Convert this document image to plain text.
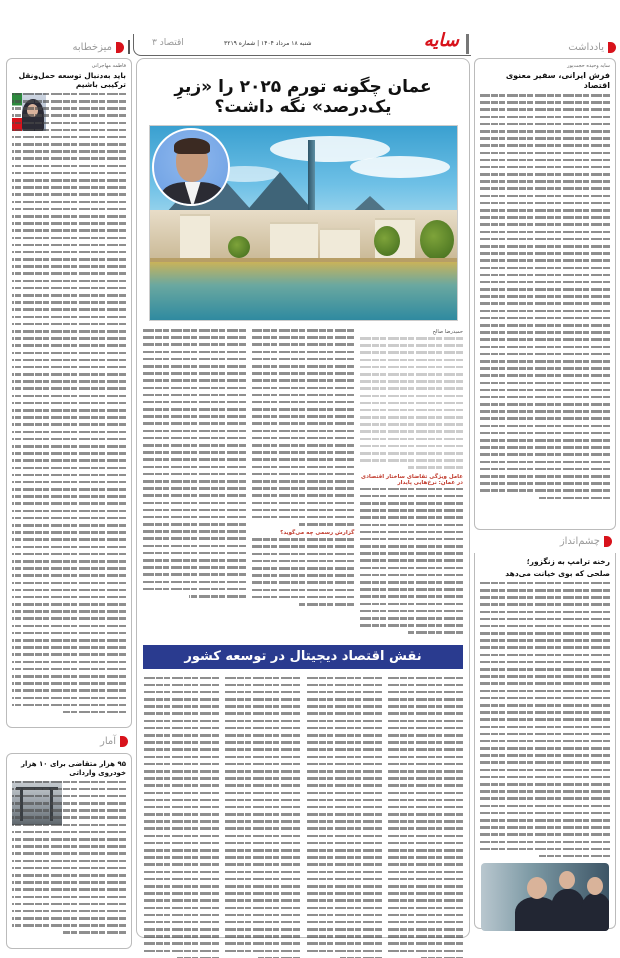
یادداشت
سایه
شنبه ۱۸ مرداد ۱۴۰۴ | شماره ۳۲۱۹
اقتصاد ۳
میزخطابه
سایه وحیده حجت‌پور
فرش ایرانی، سفیر معنوی اقتصاد
چشم‌انداز
رخنه ترامپ به زنگزور؛
صلحی که بوی خیانت می‌دهد
عمان چگونه تورم ۲۰۲۵ را «زیرِ یک‌درصد» نگه داشت؟
حمیدرضا صالح
عامل ویژگی تقاضای ساختار اقتصادی در عمان: نرخ‌هایی پایدار
گزارش رسمی چه می‌گوید؟
نقش اقتصاد دیجیتال در توسعه کشور
فاطمه مهاجرانی
باید به‌دنبال توسعه حمل‌ونقل ترکیبی باشیم
آمار
۹۵ هزار متقاضی برای ۱۰ هزار خودروی وارداتی
